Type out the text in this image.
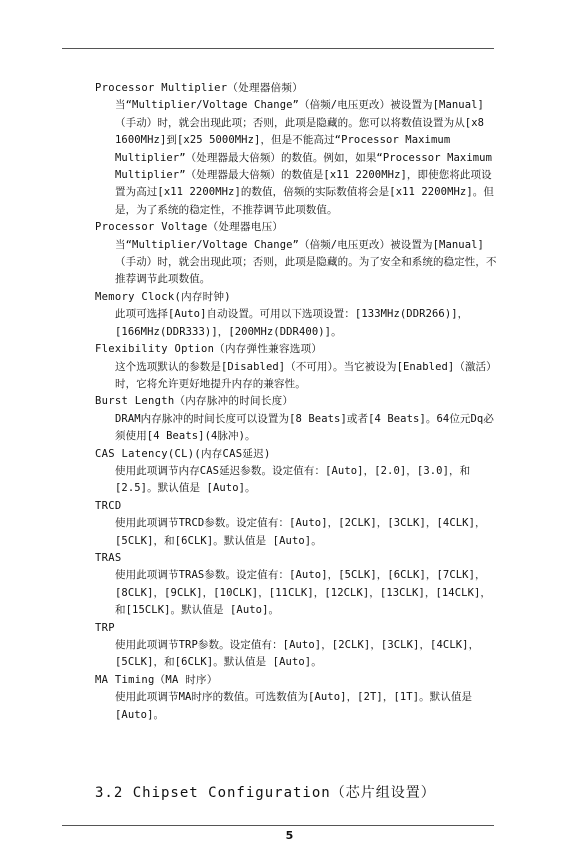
Processor Multiplier（处理器倍频）
当“Multiplier/Voltage Change”（倍频/电压更改）被设置为[Manual]（手动）时，就会出现此项；否则，此项是隐藏的。您可以将数值设置为从[x8 1600MHz]到[x25 5000MHz]，但是不能高过“Processor Maximum Multiplier”（处理器最大倍频）的数值。例如，如果“Processor Maximum Multiplier”（处理器最大倍频）的数值是[x11 2200MHz]，即使您将此项设置为高过[x11 2200MHz]的数值，倍频的实际数值将会是[x11 2200MHz]。但是，为了系统的稳定性，不推荐调节此项数值。
Processor Voltage（处理器电压）
当“Multiplier/Voltage Change”（倍频/电压更改）被设置为[Manual]（手动）时，就会出现此项；否则，此项是隐藏的。为了安全和系统的稳定性，不推荐调节此项数值。
Memory Clock(内存时钟)
此项可选择[Auto]自动设置。可用以下选项设置：[133MHz(DDR266)]，[166MHz(DDR333)]，[200MHz(DDR400)]。
Flexibility Option（内存弹性兼容选项）
这个选项默认的参数是[Disabled]（不可用）。当它被设为[Enabled]（激活）时，它将允许更好地提升内存的兼容性。
Burst Length（内存脉冲的时间长度）
DRAM内存脉冲的时间长度可以设置为[8 Beats]或者[4 Beats]。64位元Dq必须使用[4 Beats](4脉冲)。
CAS Latency(CL)(内存CAS延迟)
使用此项调节内存CAS延迟参数。设定值有：[Auto]，[2.0]，[3.0]，和[2.5]。默认值是 [Auto]。
TRCD
使用此项调节TRCD参数。设定值有：[Auto]，[2CLK]，[3CLK]，[4CLK]，[5CLK]，和[6CLK]。默认值是 [Auto]。
TRAS
使用此项调节TRAS参数。设定值有：[Auto]，[5CLK]，[6CLK]，[7CLK]，[8CLK]，[9CLK]，[10CLK]，[11CLK]，[12CLK]，[13CLK]，[14CLK]，和[15CLK]。默认值是 [Auto]。
TRP
使用此项调节TRP参数。设定值有：[Auto]，[2CLK]，[3CLK]，[4CLK]，[5CLK]，和[6CLK]。默认值是 [Auto]。
MA Timing（MA 时序）
使用此项调节MA时序的数值。可选数值为[Auto]，[2T]，[1T]。默认值是 [Auto]。
3.2 Chipset Configuration（芯片组设置）
5
